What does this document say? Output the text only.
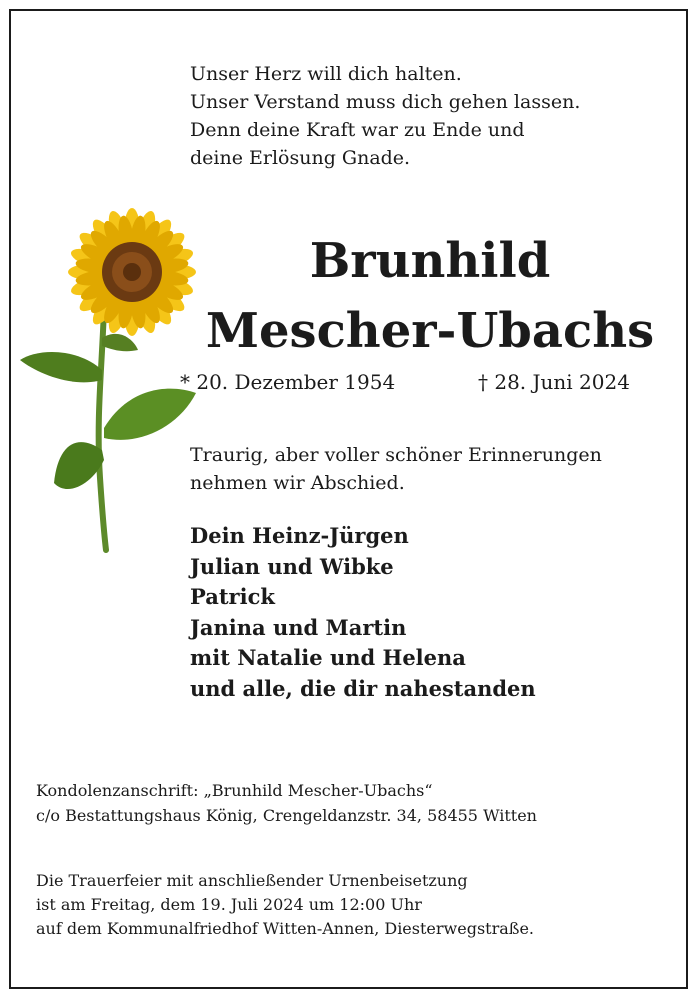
Unser Herz will dich halten.
Unser Verstand muss dich gehen lassen.
Denn deine Kraft war zu Ende und
deine Erlösung Gnade.
Brunhild
Mescher-Ubachs
* 20. Dezember 1954	† 28. Juni 2024
Traurig, aber voller schöner Erinnerungen
nehmen wir Abschied.
Dein Heinz-Jürgen
Julian und Wibke
Patrick
Janina und Martin
mit Natalie und Helena
und alle, die dir nahestanden
Kondolenzanschrift: „Brunhild Mescher-Ubachs“
c/o Bestattungshaus König, Crengeldanzstr. 34, 58455 Witten
Die Trauerfeier mit anschließender Urnenbeisetzung
ist am Freitag, dem 19. Juli 2024 um 12:00 Uhr
auf dem Kommunalfriedhof Witten-Annen, Diesterwegstraße.
